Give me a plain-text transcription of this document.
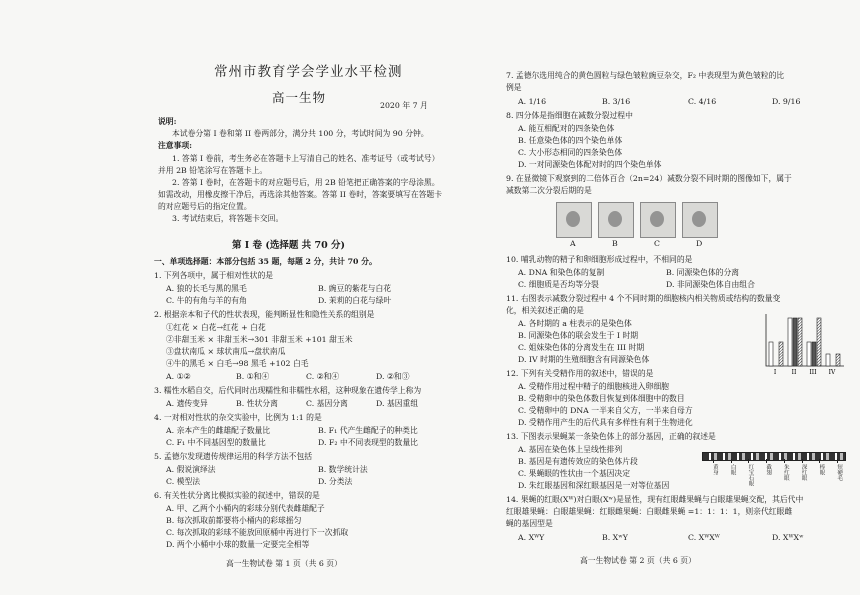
常州市教育学会学业水平检测
高一生物
2020 年 7 月
说明:
本试卷分第 I 卷和第 II 卷两部分，满分共 100 分，考试时间为 90 分钟。
注意事项:
1. 答第 I 卷前，考生务必在答题卡上写清自己的姓名、准考证号（或考试号）
并用 2B 铅笔涂写在答题卡上。
2. 答第 I 卷时，在答题卡的对应题号后，用 2B 铅笔把正确答案的字母涂黑。
如需改动，用橡皮擦干净后，再选涂其他答案。答第 II 卷时，答案要填写在答题卡
的对应题号后的指定位置。
3. 考试结束后，将答题卡交回。
第 I 卷 (选择题 共 70 分)
一、单项选择题：本部分包括 35 题，每题 2 分，共计 70 分。
1. 下列各项中，属于相对性状的是
A. 狼的长毛与黑的黑毛	B. 豌豆的紫花与白花
C. 牛的有角与羊的有角	D. 茉莉的白花与绿叶
2. 根据亲本和子代的性状表现，能判断显性和隐性关系的组别是
①红花 × 白花→红花 + 白花
②非甜玉米 × 非甜玉米→301 非甜玉米 +101 甜玉米
③盘状南瓜 × 球状南瓜→盘状南瓜
④牛的黑毛 × 白毛→98 黑毛 +102 白毛
A. ①②	B. ①和④	C. ②和④	D. ②和③
3. 糯性水稻自交，后代同时出现糯性和非糯性水稻，这种现象在遗传学上称为
A. 遗传变异	B. 性状分离	C. 基因分离	D. 基因重组
4. 一对相对性状的杂交实验中，比例为 1:1 的是
A. 亲本产生的雌雄配子数量比	B. F₁ 代产生雌配子的种类比
C. F₁ 中不同基因型的数量比	D. F₂ 中不同表现型的数量比
5. 孟德尔发现遗传规律运用的科学方法不包括
A. 假说演绎法	B. 数学统计法
C. 模型法	D. 分类法
6. 有关性状分离比模拟实验的叙述中，错误的是
A. 甲、乙两个小桶内的彩球分别代表雌雄配子
B. 每次抓取前都要将小桶内的彩球摇匀
C. 每次抓取的彩球不能放回原桶中再进行下一次抓取
D. 两个小桶中小球的数量一定要完全相等
高一生物试卷 第 1 页（共 6 页）
7. 孟德尔选用纯合的黄色圆粒与绿色皱粒豌豆杂交，F₂ 中表现型为黄色皱粒的比
例是
A. 1/16	B. 3/16	C. 4/16	D. 9/16
8. 四分体是指细胞在减数分裂过程中
A. 能互相配对的四条染色体
B. 任意染色体的四个染色单体
C. 大小形态相同的四条染色体
D. 一对同源染色体配对时的四个染色单体
9. 在显微镜下观察到的二倍体百合（2n=24）减数分裂不同时期的图像如下，属于
减数第二次分裂后期的是
A	B	C	D
10. 哺乳动物的精子和卵细胞形成过程中，不相同的是
A. DNA 和染色体的复制	B. 同源染色体的分离
C. 细胞质是否均等分裂	D. 非同源染色体自由组合
11. 右图表示减数分裂过程中 4 个不同时期的细胞核内相关物质或结构的数量变
化，相关叙述正确的是
A. 各时期的 a 柱表示的是染色体
B. 同源染色体的联会发生于 I 时期
C. 姐妹染色体的分离发生在 III 时期
D. IV 时期的生殖细胞含有同源染色体
I	II III IV
12. 下列有关受精作用的叙述中，错误的是
A. 受精作用过程中精子的细胞核进入卵细胞
B. 受精卵中的染色体数目恢复到体细胞中的数目
C. 受精卵中的 DNA 一半来自父方，一半来自母方
D. 受精作用产生的后代具有多样性有利于生物进化
13. 下图表示果蝇某一条染色体上的部分基因，正确的叙述是
A. 基因在染色体上呈线性排列
B. 基因是有遗传效应的染色体片段
C. 果蝇眼的性状由一个基因决定
D. 朱红眼基因和深红眼基因是一对等位基因
黄身	白眼	红宝石眼	截翅	朱红眼	深红眼	棒眼	短硬毛
14. 果蝇的红眼(Xᵂ)对白眼(Xʷ)是显性，现有红眼雌果蝇与白眼雄果蝇交配，其后代中
红眼雄果蝇：白眼雄果蝇：红眼雌果蝇：白眼雌果蝇 =1：1：1：1，则亲代红眼雌
蝇的基因型是
A. XᵂY	B. XʷY	C. XᵂXᵂ	D. XᵂXʷ
高一生物试卷 第 2 页（共 6 页）
